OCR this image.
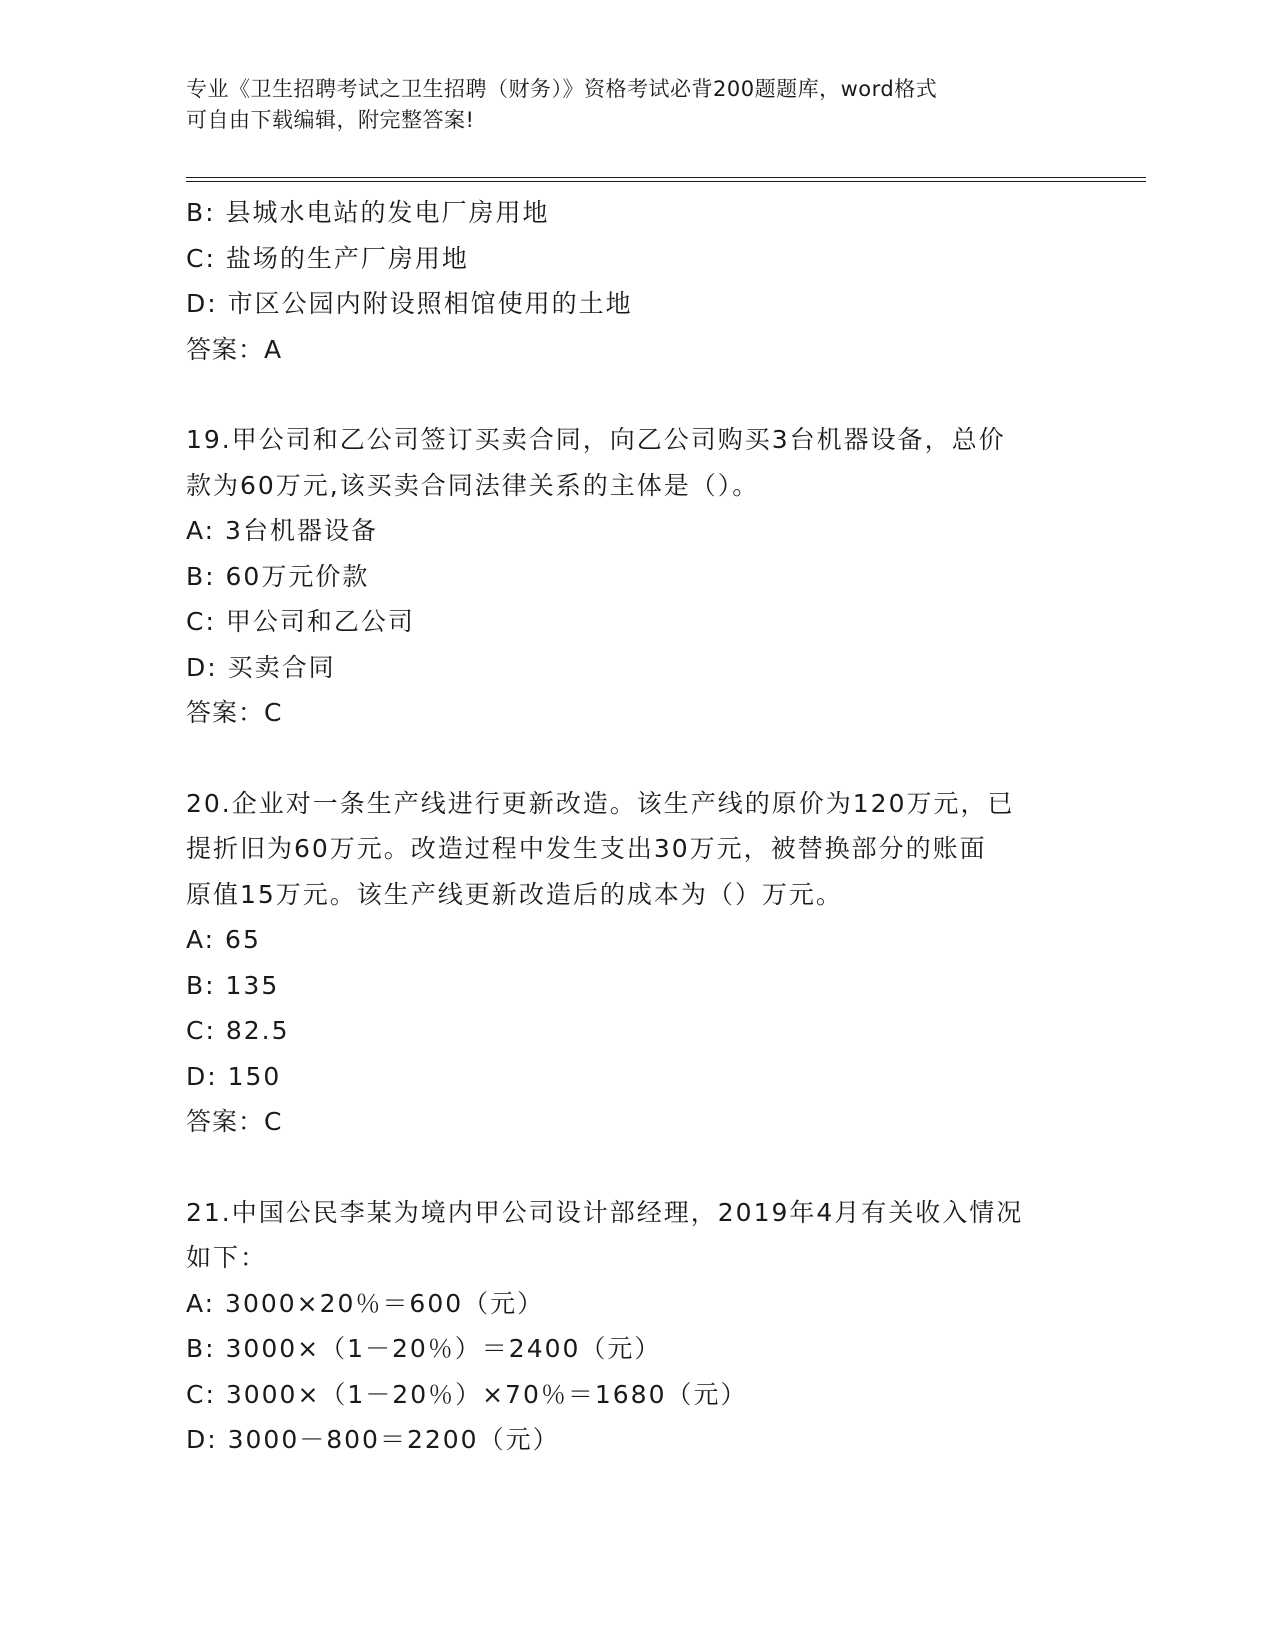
专业《卫生招聘考试之卫生招聘（财务）》资格考试必背200题题库，word格式
可自由下载编辑，附完整答案!
B: 县城水电站的发电厂房用地
C: 盐场的生产厂房用地
D: 市区公园内附设照相馆使用的土地
答案：A
19.甲公司和乙公司签订买卖合同，向乙公司购买3台机器设备，总价
款为60万元,该买卖合同法律关系的主体是（）。
A: 3台机器设备
B: 60万元价款
C: 甲公司和乙公司
D: 买卖合同
答案：C
20.企业对一条生产线进行更新改造。该生产线的原价为120万元，已
提折旧为60万元。改造过程中发生支出30万元，被替换部分的账面
原值15万元。该生产线更新改造后的成本为（）万元。
A: 65
B: 135
C: 82.5
D: 150
答案：C
21.中国公民李某为境内甲公司设计部经理，2019年4月有关收入情况
如下：
A: 3000×20％＝600（元）
B: 3000×（1－20％）＝2400（元）
C: 3000×（1－20％）×70％＝1680（元）
D: 3000－800＝2200（元）
